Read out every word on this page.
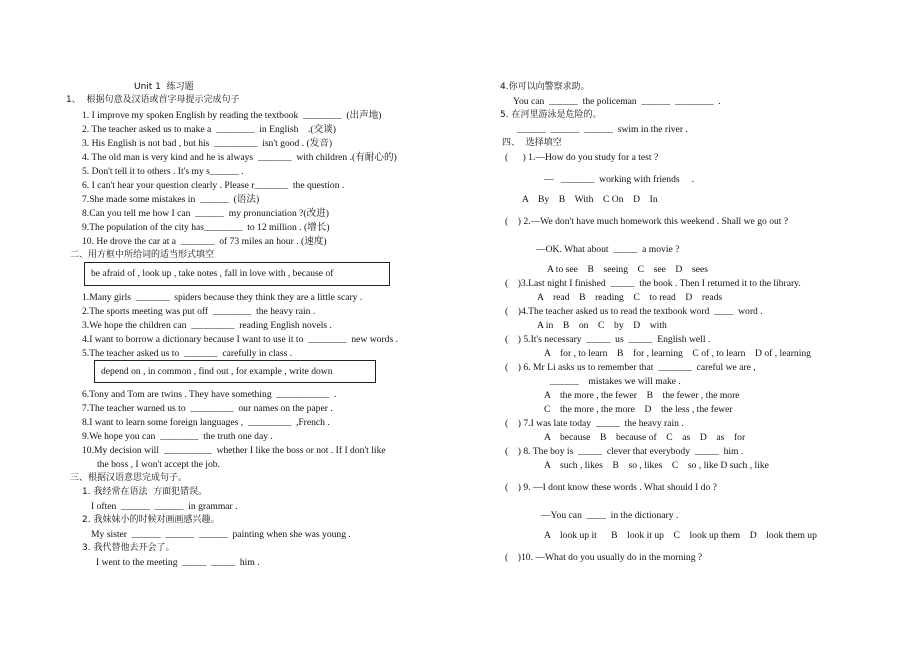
Unit 1  练习题
1、  根据句意及汉语或首字母提示完成句子
1. I improve my spoken English by reading the textbook  ________  (出声地)
2. The teacher asked us to make a  ________  in English    .(交谈)
3. His English is not bad , but his  _________  isn't good . (发音)
4. The old man is very kind and he is always  _______  with children .(有耐心的)
5. Don't tell it to others . It's my s______ .
6. I can't hear your question clearly . Please r_______  the question .
7.She made some mistakes in  ______  (语法)
8.Can you tell me how I can  ______  my pronunciation ?(改进)
9.The population of the city has________  to 12 million . (增长)
10. He drove the car at a  _______  of 73 miles an hour . (速度)
二、用方框中所给词的适当形式填空
be afraid of , look up , take notes , fall in love with , because of
1.Many girls  _______  spiders because they think they are a little scary .
2.The sports meeting was put off  ________  the heavy rain .
3.We hope the children can  _________  reading English novels .
4.I want to borrow a dictionary because I want to use it to  ________  new words .
5.The teacher asked us to  _______  carefully in class .
depend on , in common , find out , for example , write down
6.Tony and Tom are twins . They have something  ___________  .
7.The teacher warned us to  _________  our names on the paper .
8.I want to learn some foreign languages ,  _________  ,French .
9.We hope you can  ________  the truth one day .
10.My decision will  __________  whether I like the boss or not . If I don't like
the boss , I won't accept the job.
三、根据汉语意思完成句子。
1. 我经常在语法  方面犯错误。
I often  ______  ______  in grammar .
2. 我妹妹小的时候对画画感兴趣。
My sister  ______  ______  ______  painting when she was young .
3. 我代替他去开会了。
I went to the meeting  _____  _____  him .
4.你可以向警察求助。
You can  ______  the policeman  ______  ________  .
5. 在河里游泳是危险的。
______  ______  ______  swim in the river .
四、  选择填空
(      ) 1.—How do you study for a test ?
—   _______  working with friends     .
A    By    B    With    C On    D    In
(    ) 2.—We don't have much homework this weekend . Shall we go out ?
—OK. What about  _____  a movie ?
A to see    B    seeing    C    see    D    sees
(    )3.Last night I finished  _____  the book . Then I returned it to the library.
A    read    B    reading    C    to read    D    reads
(    )4.The teacher asked us to read the textbook word  ____  word .
A in    B    on    C    by    D    with
(    ) 5.It's necessary  _____  us  _____  English well .
A    for , to learn    B    for , learning    C of , to learn    D of , learning
(    ) 6. Mr Li asks us to remember that  _______  careful we are ,
______    mistakes we will make .
A    the more , the fewer    B    the fewer , the more
C    the more , the more    D    the less , the fewer
(    ) 7.I was late today  _____  the heavy rain .
A    because    B    because of    C    as    D    as    for
(    ) 8. The boy is  _____  clever that everybody  _____  him .
A    such , likes    B    so , likes    C    so , like D such , like
(    ) 9. —I dont know these words . What should I do ?
—You can  ____  in the dictionary .
A    look up it      B    look it up    C    look up them    D    look them up
(    )10. —What do you usually do in the morning ?
